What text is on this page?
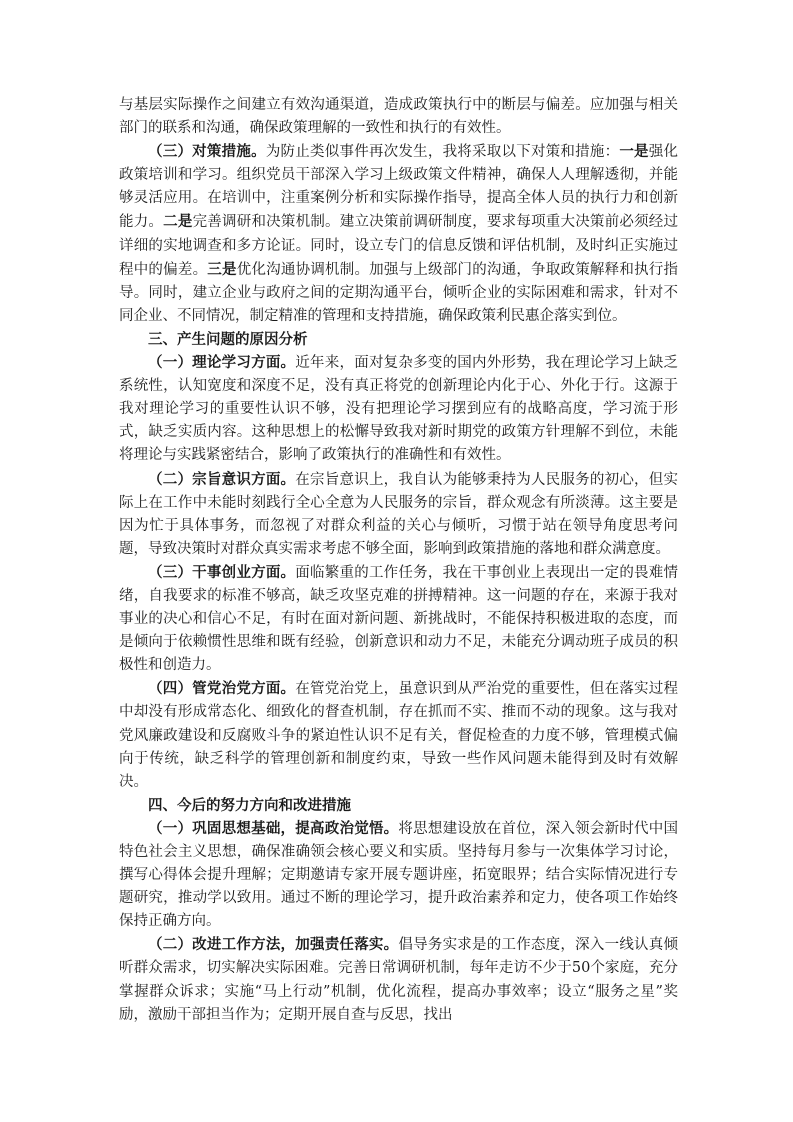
与基层实际操作之间建立有效沟通渠道，造成政策执行中的断层与偏差。应加强与相关部门的联系和沟通，确保政策理解的一致性和执行的有效性。

（三）对策措施。为防止类似事件再次发生，我将采取以下对策和措施：一是强化政策培训和学习。组织党员干部深入学习上级政策文件精神，确保人人理解透彻，并能够灵活应用。在培训中，注重案例分析和实际操作指导，提高全体人员的执行力和创新能力。二是完善调研和决策机制。建立决策前调研制度，要求每项重大决策前必须经过详细的实地调查和多方论证。同时，设立专门的信息反馈和评估机制，及时纠正实施过程中的偏差。三是优化沟通协调机制。加强与上级部门的沟通，争取政策解释和执行指导。同时，建立企业与政府之间的定期沟通平台，倾听企业的实际困难和需求，针对不同企业、不同情况，制定精准的管理和支持措施，确保政策利民惠企落实到位。

三、产生问题的原因分析

（一）理论学习方面。近年来，面对复杂多变的国内外形势，我在理论学习上缺乏系统性，认知宽度和深度不足，没有真正将党的创新理论内化于心、外化于行。这源于我对理论学习的重要性认识不够，没有把理论学习摆到应有的战略高度，学习流于形式，缺乏实质内容。这种思想上的松懈导致我对新时期党的政策方针理解不到位，未能将理论与实践紧密结合，影响了政策执行的准确性和有效性。

（二）宗旨意识方面。在宗旨意识上，我自认为能够秉持为人民服务的初心，但实际上在工作中未能时刻践行全心全意为人民服务的宗旨，群众观念有所淡薄。这主要是因为忙于具体事务，而忽视了对群众利益的关心与倾听，习惯于站在领导角度思考问题，导致决策时对群众真实需求考虑不够全面，影响到政策措施的落地和群众满意度。

（三）干事创业方面。面临繁重的工作任务，我在干事创业上表现出一定的畏难情绪，自我要求的标准不够高，缺乏攻坚克难的拼搏精神。这一问题的存在，来源于我对事业的决心和信心不足，有时在面对新问题、新挑战时，不能保持积极进取的态度，而是倾向于依赖惯性思维和既有经验，创新意识和动力不足，未能充分调动班子成员的积极性和创造力。

（四）管党治党方面。在管党治党上，虽意识到从严治党的重要性，但在落实过程中却没有形成常态化、细致化的督查机制，存在抓而不实、推而不动的现象。这与我对党风廉政建设和反腐败斗争的紧迫性认识不足有关，督促检查的力度不够，管理模式偏向于传统，缺乏科学的管理创新和制度约束，导致一些作风问题未能得到及时有效解决。

四、今后的努力方向和改进措施

（一）巩固思想基础，提高政治觉悟。将思想建设放在首位，深入领会新时代中国特色社会主义思想，确保准确领会核心要义和实质。坚持每月参与一次集体学习讨论，撰写心得体会提升理解；定期邀请专家开展专题讲座，拓宽眼界；结合实际情况进行专题研究，推动学以致用。通过不断的理论学习，提升政治素养和定力，使各项工作始终保持正确方向。

（二）改进工作方法，加强责任落实。倡导务实求是的工作态度，深入一线认真倾听群众需求，切实解决实际困难。完善日常调研机制，每年走访不少于50个家庭，充分掌握群众诉求；实施“马上行动”机制，优化流程，提高办事效率；设立“服务之星”奖励，激励干部担当作为；定期开展自查与反思，找出
